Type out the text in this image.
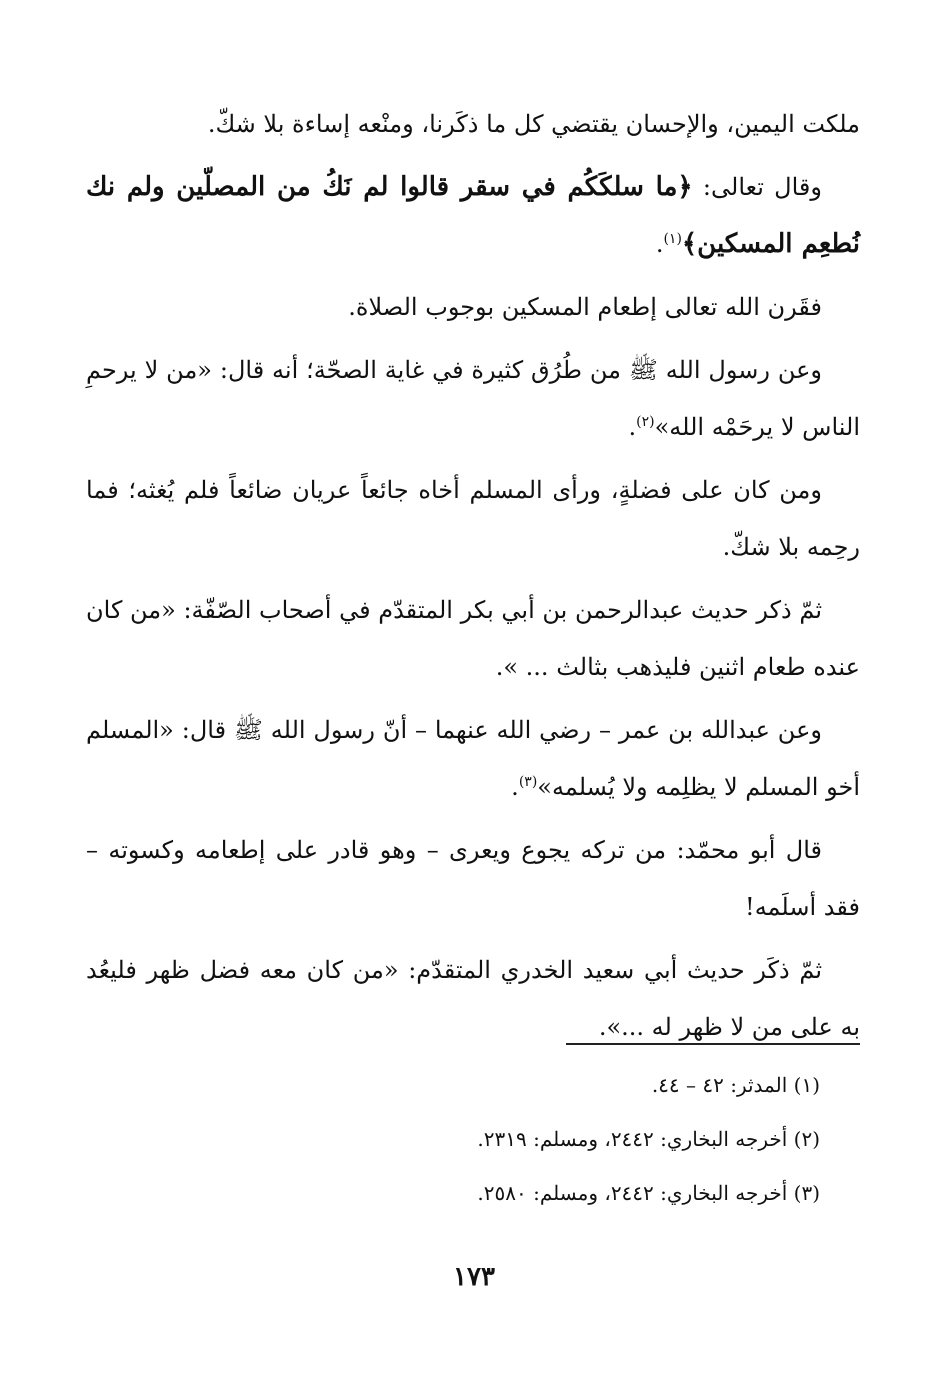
ملكت اليمين، والإحسان يقتضي كل ما ذكَرنا، ومنْعه إساءة بلا شكّ.

وقال تعالى: ﴿ما سلكَكُم في سقر قالوا لم نَكُ من المصلّين ولم نك نُطعِم المسكين﴾$^{(١)}$.

فقَرن الله تعالى إطعام المسكين بوجوب الصلاة.

وعن رسول الله ﷺ من طُرُق كثيرة في غاية الصحّة؛ أنه قال: «من لا يرحمِ الناس لا يرحَمْه الله»$^{(٢)}$.

ومن كان على فضلةٍ، ورأى المسلم أخاه جائعاً عريان ضائعاً فلم يُغثه؛ فما رحِمه بلا شكّ.

ثمّ ذكر حديث عبدالرحمن بن أبي بكر المتقدّم في أصحاب الصّفّة: «من كان عنده طعام اثنين فليذهب بثالث ... ».

وعن عبدالله بن عمر – رضي الله عنهما – أنّ رسول الله ﷺ قال: «المسلم أخو المسلم لا يظلِمه ولا يُسلمه»$^{(٣)}$.

قال أبو محمّد: من تركه يجوع ويعرى – وهو قادر على إطعامه وكسوته – فقد أسلَمه!

ثمّ ذكَر حديث أبي سعيد الخدري المتقدّم: «من كان معه فضل ظهر فليعُد به على من لا ظهر له ...».

(١) المدثر: ٤٢ – ٤٤.

(٢) أخرجه البخاري: ٢٤٤٢، ومسلم: ٢٣١٩.

(٣) أخرجه البخاري: ٢٤٤٢، ومسلم: ٢٥٨٠.

١٧٣
